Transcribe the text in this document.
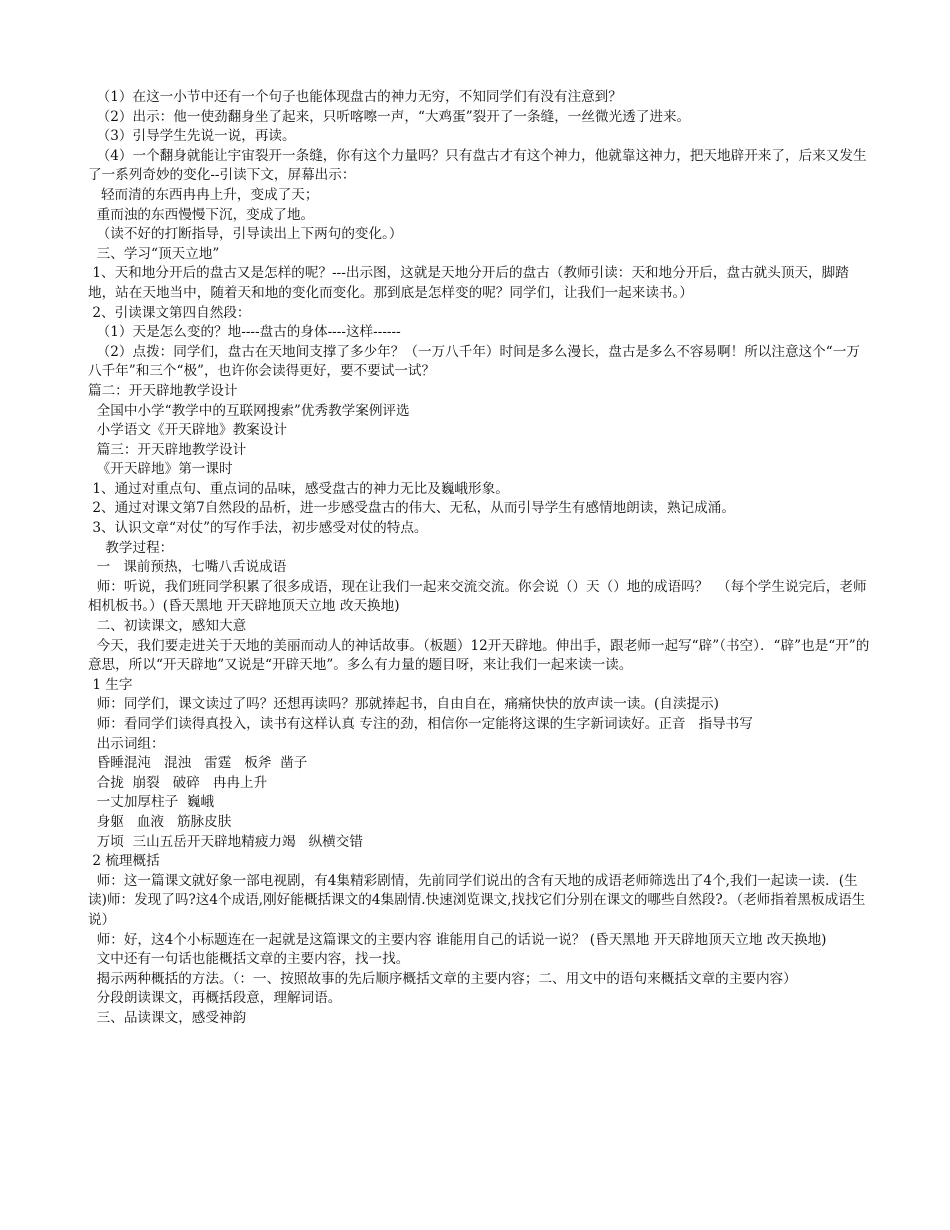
（1）在这一小节中还有一个句子也能体现盘古的神力无穷，不知同学们有没有注意到？

（2）出示：他一使劲翻身坐了起来，只听喀嚓一声，“大鸡蛋”裂开了一条缝，一丝微光透了进来。

（3）引导学生先说一说，再读。

（4）一个翻身就能让宇宙裂开一条缝，你有这个力量吗？只有盘古才有这个神力，他就靠这神力，把天地辟开来了，后来又发生了一系列奇妙的变化--引读下文，屏幕出示：

轻而清的东西冉冉上升，变成了天；

重而浊的东西慢慢下沉，变成了地。

（读不好的打断指导，引导读出上下两句的变化。）

三、学习“顶天立地”

1、天和地分开后的盘古又是怎样的呢？---出示图，这就是天地分开后的盘古（教师引读：天和地分开后，盘古就头顶天，脚踏地，站在天地当中，随着天和地的变化而变化。那到底是怎样变的呢？同学们，让我们一起来读书。）

2、引读课文第四自然段：

（1）天是怎么变的？地----盘古的身体----这样------

（2）点拨：同学们，盘古在天地间支撑了多少年？（一万八千年）时间是多么漫长，盘古是多么不容易啊！所以注意这个“一万八千年”和三个“极”，也许你会读得更好，要不要试一试？

篇二：开天辟地教学设计

全国中小学“教学中的互联网搜索”优秀教学案例评选

小学语文《开天辟地》教案设计

篇三：开天辟地教学设计

《开天辟地》第一课时

1、通过对重点句、重点词的品味，感受盘古的神力无比及巍峨形象。

2、通过对课文第7自然段的品析，进一步感受盘古的伟大、无私，从而引导学生有感情地朗读，熟记成涌。

3、认识文章“对仗”的写作手法，初步感受对仗的特点。

教学过程：

一   课前预热，七嘴八舌说成语

师：听说，我们班同学积累了很多成语，现在让我们一起来交流交流。你会说（）天（）地的成语吗？  （每个学生说完后，老师相机板书。）(昏天黑地 开天辟地顶天立地 改天换地)

二、初读课文，感知大意

今天，我们要走进关于天地的美丽而动人的神话故事。（板题）12开天辟地。伸出手，跟老师一起写“辟”（书空）．“辟”也是“开”的意思，所以“开天辟地”又说是“开辟天地”。多么有力量的题目呀，来让我们一起来读一读。

1 生字

师：同学们，课文读过了吗？还想再读吗？那就捧起书，自由自在，痛痛快快的放声读一读。(自渎提示)

师：看同学们读得真投入，读书有这样认真 专注的劲，相信你一定能将这课的生字新词读好。正音   指导书写

出示词组：

昏睡混沌   混浊   雷霆   板斧  凿子

合拢  崩裂   破碎   冉冉上升

一丈加厚柱子  巍峨

身躯   血液   筋脉皮肤

万顷  三山五岳开天辟地精疲力竭   纵横交错

2 梳理概括

师：这一篇课文就好象一部电视剧，有4集精彩剧情，先前同学们说出的含有天地的成语老师筛选出了4个,我们一起读一读．(生读)师：发现了吗?这4个成语,刚好能概括课文的4集剧情.快速浏览课文,找找它们分别在课文的哪些自然段?。（老师指着黑板成语生说）

师：好，这4个小标题连在一起就是这篇课文的主要内容 谁能用自己的话说一说？ (昏天黑地 开天辟地顶天立地 改天换地)

文中还有一句话也能概括文章的主要内容，找一找。

揭示两种概括的方法。（：一、按照故事的先后顺序概括文章的主要内容；二、用文中的语句来概括文章的主要内容）

分段朗读课文，再概括段意，理解词语。

三、品读课文，感受神韵
